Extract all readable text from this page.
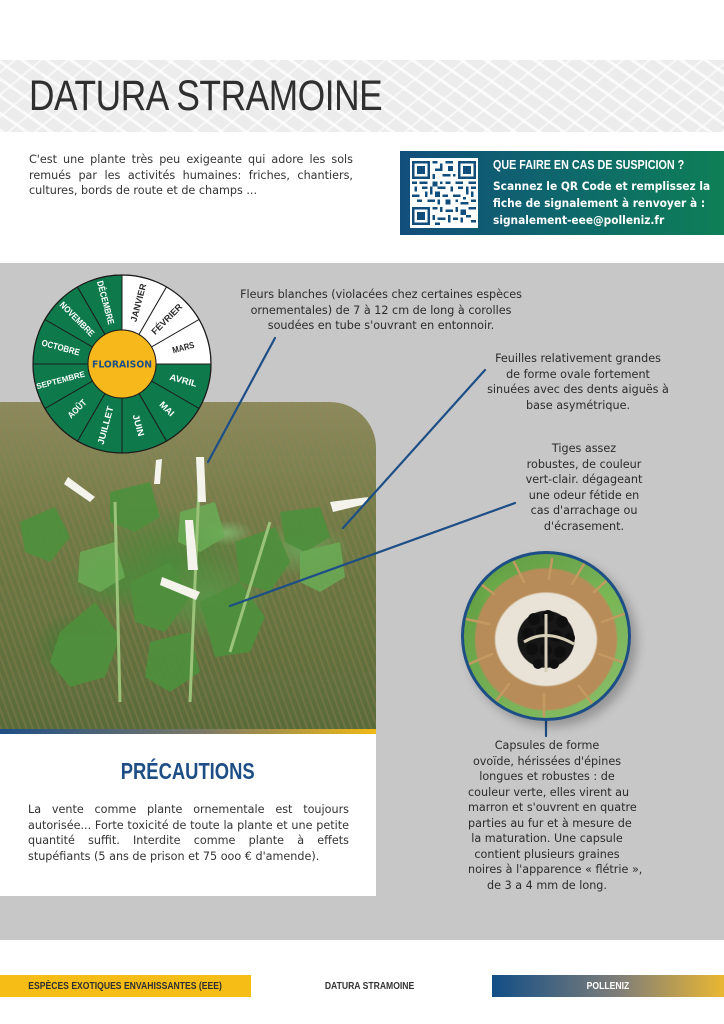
DATURA STRAMOINE

C'est une plante très peu exigeante qui adore les sols remués par les activités humaines: friches, chantiers, cultures, bords de route et de champs ...

QUE FAIRE EN CAS DE SUSPICION ?
Scannez le QR Code et remplissez la
fiche de signalement à renvoyer à :
signalement-eee@polleniz.fr
JANVIER FÉVRIER
MARS
AVRIL
MAI
JUIN
JUILLET
AOÛT
SEPTEMBRE
OCTOBRE
NOVEMBRE
DÉCEMBRE
FLORAISON
Fleurs blanches (violacées chez certaines espèces
ornementales) de 7 à 12 cm de long à corolles
soudées en tube s'ouvrant en entonnoir.
Feuilles relativement grandes
de forme ovale fortement
sinuées avec des dents aiguës à
base asymétrique.
Tiges assez
robustes, de couleur
vert-clair. dégageant
une odeur fétide en
cas d'arrachage ou
d'écrasement.
Capsules de forme
ovoïde, hérissées d'épines
longues et robustes : de
couleur verte, elles virent au
marron et s'ouvrent en quatre
parties au fur et à mesure de
la maturation. Une capsule
contient plusieurs graines
noires à l'apparence « flétrie »,
de 3 a 4 mm de long.
PRÉCAUTIONS

La vente comme plante ornementale est toujours autorisée... Forte toxicité de toute la plante et une petite quantité suffit. Interdite comme plante à effets stupéfiants (5 ans de prison et 75 ooo € d'amende).

ESPÈCES EXOTIQUES ENVAHISSANTES (EEE)	DATURA STRAMOINE	POLLENIZ
